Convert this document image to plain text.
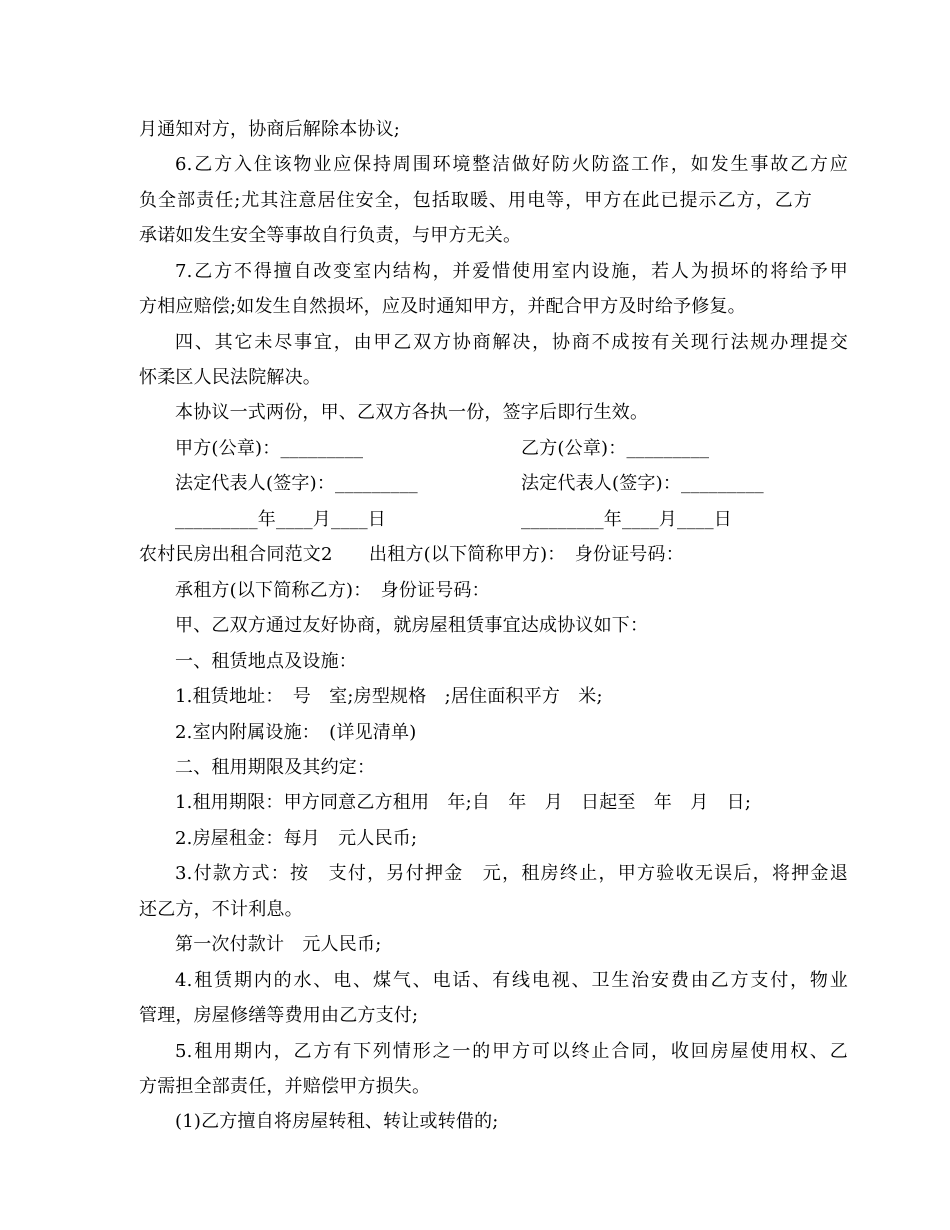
月通知对方，协商后解除本协议;

6.乙方入住该物业应保持周围环境整洁做好防火防盗工作，如发生事故乙方应

负全部责任;尤其注意居住安全，包括取暖、用电等，甲方在此已提示乙方，乙方

承诺如发生安全等事故自行负责，与甲方无关。

7.乙方不得擅自改变室内结构，并爱惜使用室内设施，若人为损坏的将给予甲

方相应赔偿;如发生自然损坏，应及时通知甲方，并配合甲方及时给予修复。

四、其它未尽事宜，由甲乙双方协商解决，协商不成按有关现行法规办理提交

怀柔区人民法院解决。

本协议一式两份，甲、乙双方各执一份，签字后即行生效。

甲方(公章)：_________	乙方(公章)：_________

法定代表人(签字)：_________	法定代表人(签字)：_________

_________年____月____日	_________年____月____日

农村民房出租合同范文2　　出租方(以下简称甲方)：　身份证号码：

承租方(以下简称乙方)：　身份证号码：

甲、乙双方通过友好协商，就房屋租赁事宜达成协议如下：

一、租赁地点及设施：

1.租赁地址：　号　室;房型规格　;居住面积平方　米;

2.室内附属设施：　(详见清单)

二、租用期限及其约定：

1.租用期限：甲方同意乙方租用　年;自　年　月　日起至　年　月　日;

2.房屋租金：每月　元人民币;

3.付款方式：按　支付，另付押金　元，租房终止，甲方验收无误后，将押金退

还乙方，不计利息。

第一次付款计　元人民币;

4.租赁期内的水、电、煤气、电话、有线电视、卫生治安费由乙方支付，物业

管理，房屋修缮等费用由乙方支付;

5.租用期内，乙方有下列情形之一的甲方可以终止合同，收回房屋使用权、乙

方需担全部责任，并赔偿甲方损失。

(1)乙方擅自将房屋转租、转让或转借的;
